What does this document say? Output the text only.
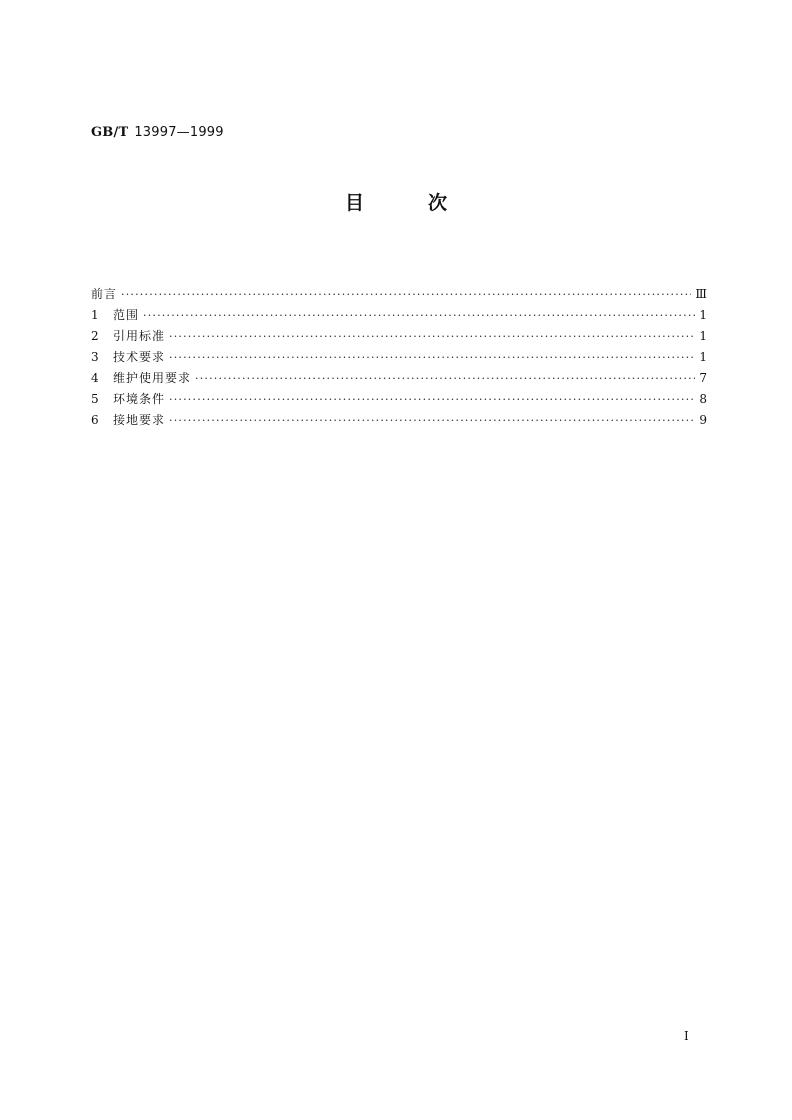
GB/T 13997—1999
目	次
前言 ·····	Ⅲ
1	范围 ·····	1
2	引用标准 ·····	1
3	技术要求 ·····	1
4	维护使用要求 ·····	7
5	环境条件 ·····	8
6	接地要求 ·····	9
I
